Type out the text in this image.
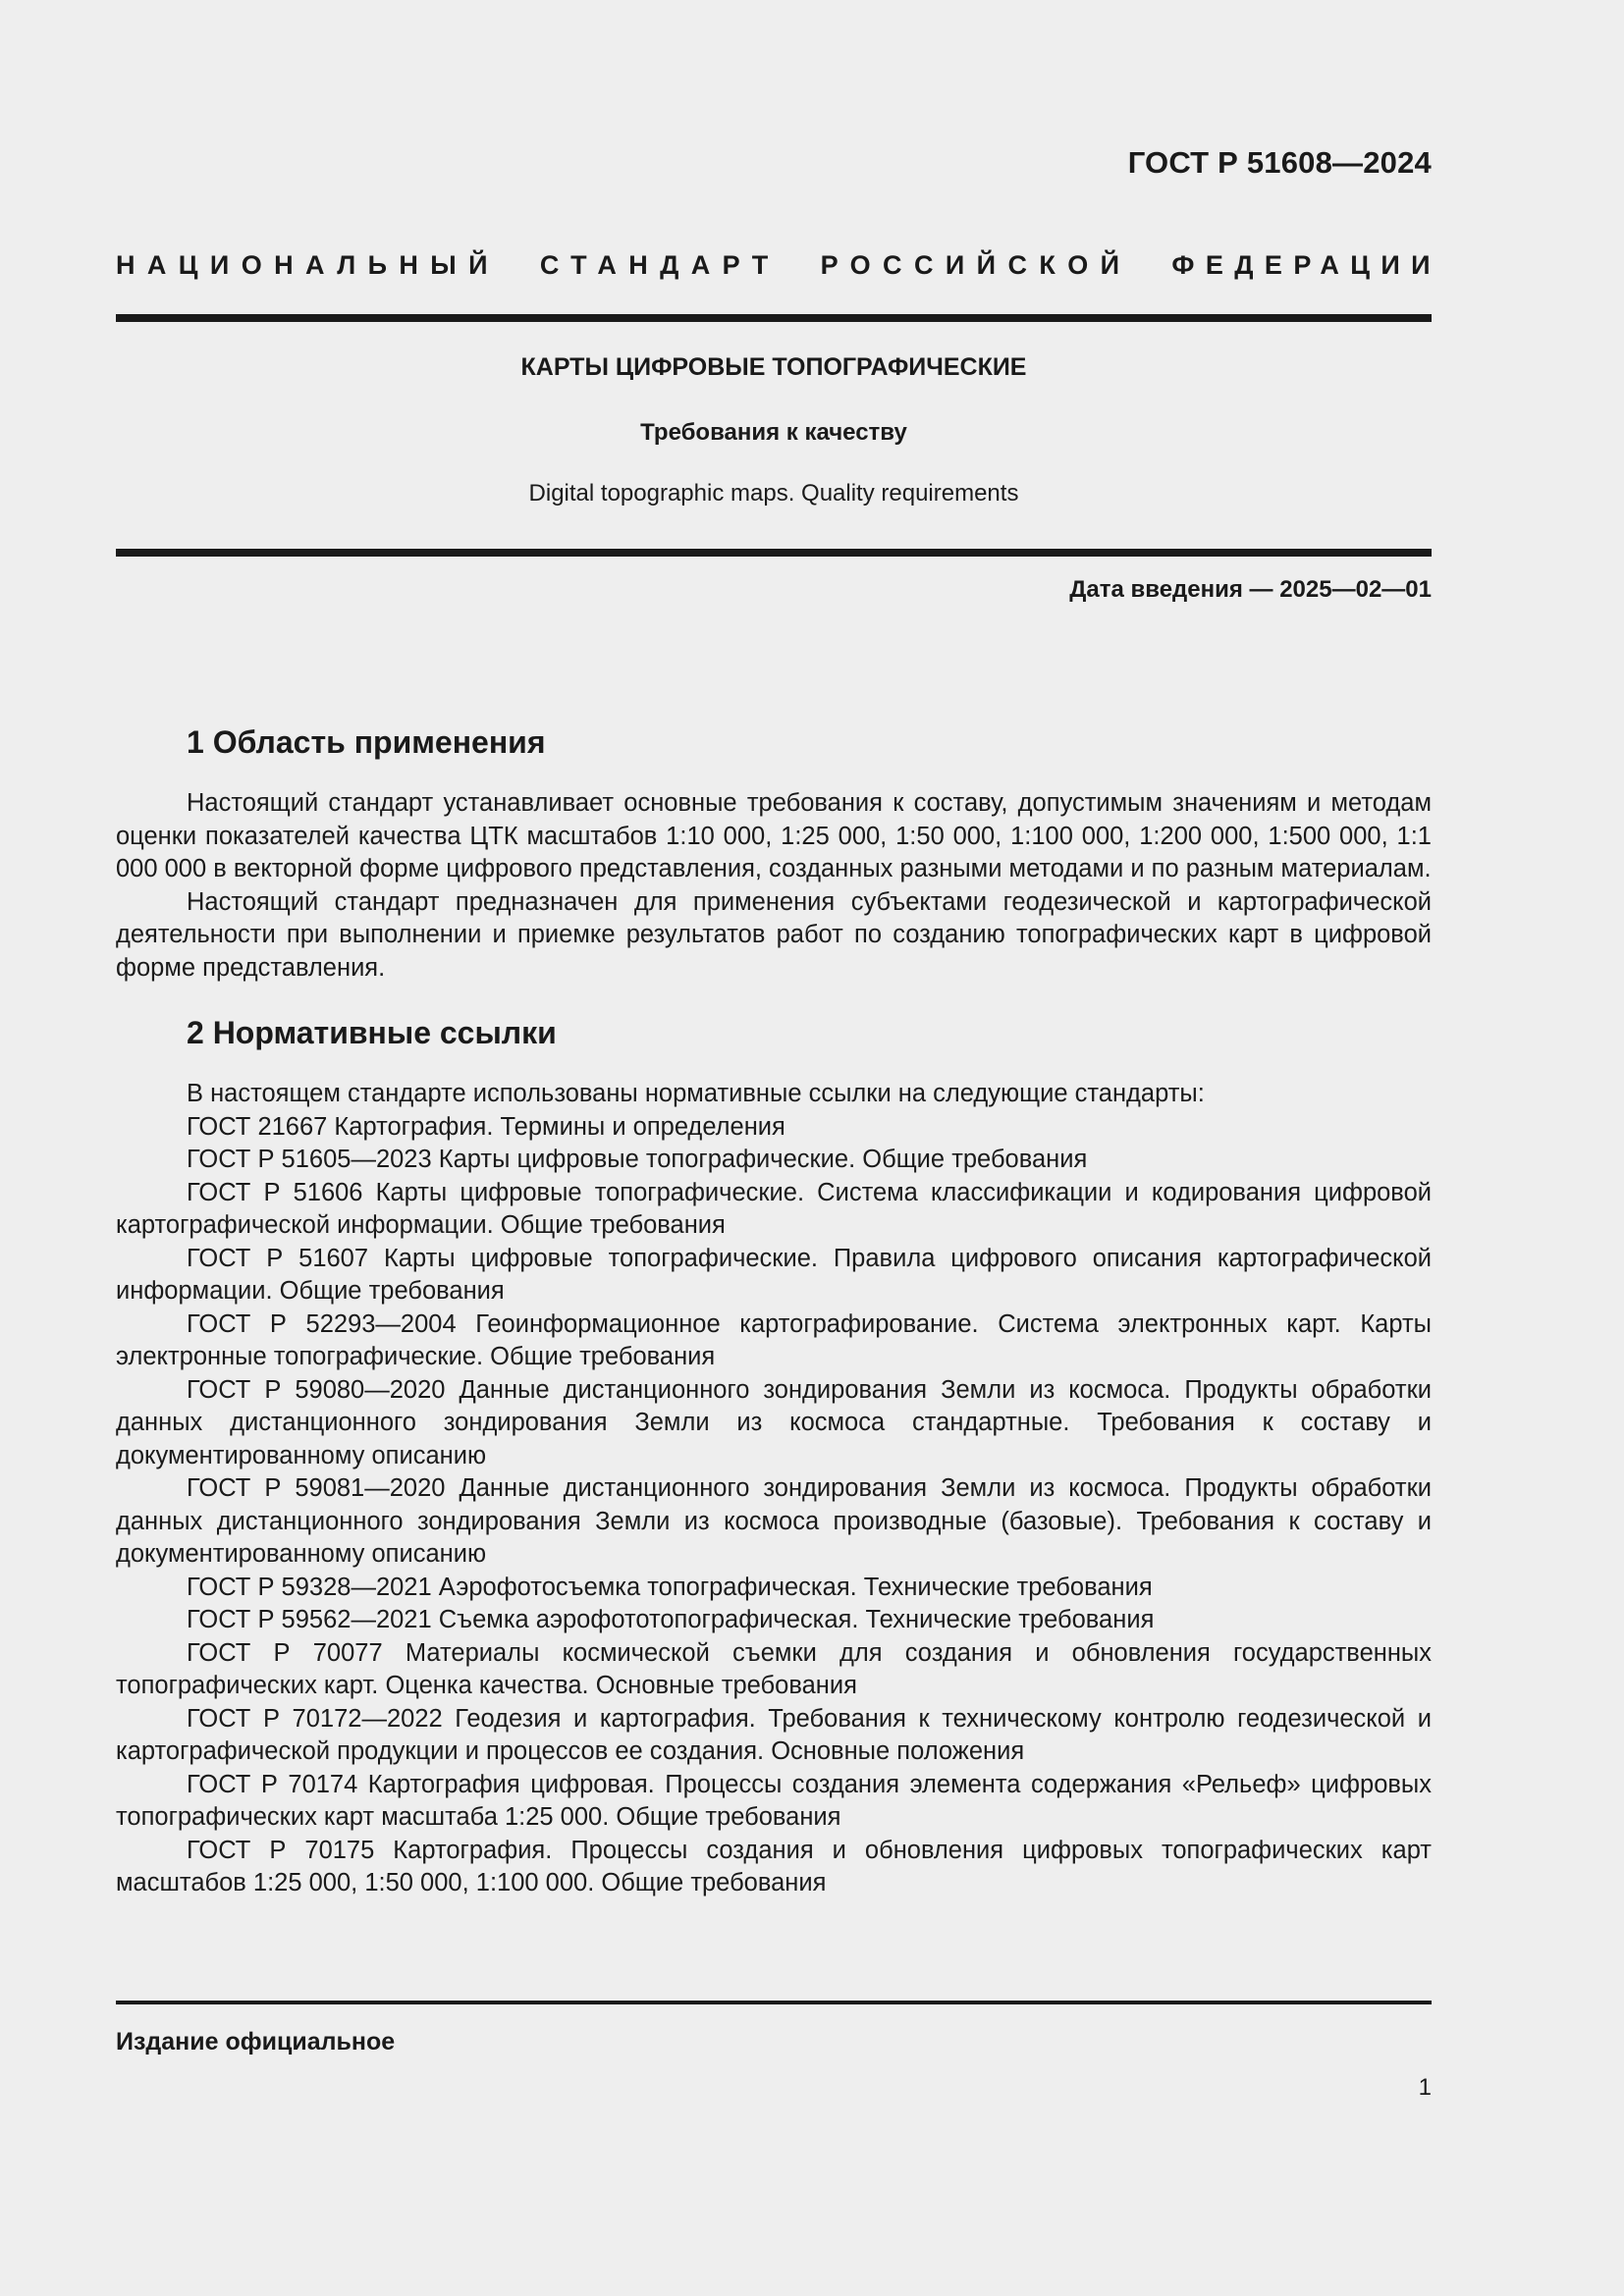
ГОСТ Р 51608—2024
НАЦИОНАЛЬНЫЙ СТАНДАРТ РОССИЙСКОЙ ФЕДЕРАЦИИ
КАРТЫ ЦИФРОВЫЕ ТОПОГРАФИЧЕСКИЕ
Требования к качеству
Digital topographic maps. Quality requirements
Дата введения — 2025—02—01
1 Область применения

Настоящий стандарт устанавливает основные требования к составу, допустимым значениям и методам оценки показателей качества ЦТК масштабов 1:10 000, 1:25 000, 1:50 000, 1:100 000, 1:200 000, 1:500 000, 1:1 000 000 в векторной форме цифрового представления, созданных разными методами и по разным материалам.

Настоящий стандарт предназначен для применения субъектами геодезической и картографической деятельности при выполнении и приемке результатов работ по созданию топографических карт в цифровой форме представления.

2 Нормативные ссылки

В настоящем стандарте использованы нормативные ссылки на следующие стандарты:

ГОСТ 21667 Картография. Термины и определения

ГОСТ Р 51605—2023 Карты цифровые топографические. Общие требования

ГОСТ Р 51606 Карты цифровые топографические. Система классификации и кодирования цифровой картографической информации. Общие требования

ГОСТ Р 51607 Карты цифровые топографические. Правила цифрового описания картографической информации. Общие требования

ГОСТ Р 52293—2004 Геоинформационное картографирование. Система электронных карт. Карты электронные топографические. Общие требования

ГОСТ Р 59080—2020 Данные дистанционного зондирования Земли из космоса. Продукты обработки данных дистанционного зондирования Земли из космоса стандартные. Требования к составу и документированному описанию

ГОСТ Р 59081—2020 Данные дистанционного зондирования Земли из космоса. Продукты обработки данных дистанционного зондирования Земли из космоса производные (базовые). Требования к составу и документированному описанию

ГОСТ Р 59328—2021 Аэрофотосъемка топографическая. Технические требования

ГОСТ Р 59562—2021 Съемка аэрофототопографическая. Технические требования

ГОСТ Р 70077 Материалы космической съемки для создания и обновления государственных топографических карт. Оценка качества. Основные требования

ГОСТ Р 70172—2022 Геодезия и картография. Требования к техническому контролю геодезической и картографической продукции и процессов ее создания. Основные положения

ГОСТ Р 70174 Картография цифровая. Процессы создания элемента содержания «Рельеф» цифровых топографических карт масштаба 1:25 000. Общие требования

ГОСТ Р 70175 Картография. Процессы создания и обновления цифровых топографических карт масштабов 1:25 000, 1:50 000, 1:100 000. Общие требования

Издание официальное
1
